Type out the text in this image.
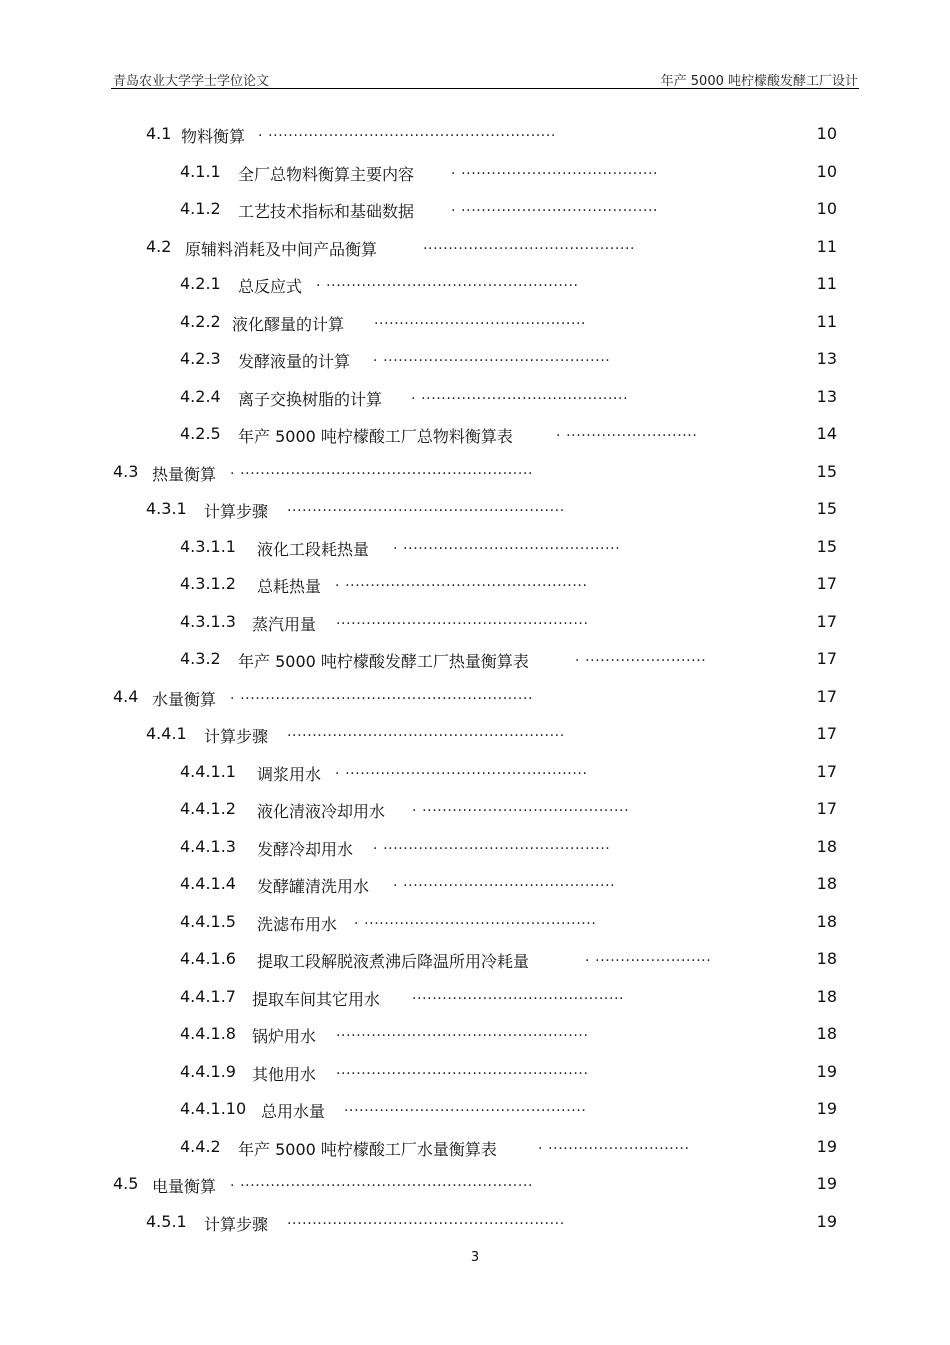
青岛农业大学学士学位论文	年产 5000 吨柠檬酸发酵工厂设计
4.1 物料衡算 . .........................................................	10
4.1.1 全厂总物料衡算主要内容	. .......................................	10
4.1.2 工艺技术指标和基础数据	. .......................................	10
4.2 原辅料消耗及中间产品衡算	..........................................	11
4.2.1 总反应式 . ..................................................	11
4.2.2 液化醪量的计算 ..........................................	11
4.2.3 发酵液量的计算 . .............................................	13
4.2.4 离子交换树脂的计算 . .........................................	13
4.2.5 年产 5000 吨柠檬酸工厂总物料衡算表	. ..........................	14
4.3 热量衡算 . ..........................................................	15
4.3.1 计算步骤 .......................................................	15
4.3.1.1 液化工段耗热量 . ...........................................	15
4.3.1.2 总耗热量 . ................................................	17
4.3.1.3 蒸汽用量 ..................................................	17
4.3.2 年产 5000 吨柠檬酸发酵工厂热量衡算表	. ........................	17
4.4 水量衡算 . ..........................................................	17
4.4.1 计算步骤 .......................................................	17
4.4.1.1 调浆用水 . ................................................	17
4.4.1.2 液化清液冷却用水 . .........................................	17
4.4.1.3 发酵冷却用水 . .............................................	18
4.4.1.4 发酵罐清洗用水 . ..........................................	18
4.4.1.5 洗滤布用水 . ..............................................	18
4.4.1.6 提取工段解脱液煮沸后降温所用冷耗量	. .......................	18
4.4.1.7 提取车间其它用水 ..........................................	18
4.4.1.8 锅炉用水 ..................................................	18
4.4.1.9 其他用水 ..................................................	19
4.4.1.10 总用水量 ................................................	19
4.4.2 年产 5000 吨柠檬酸工厂水量衡算表	. ............................	19
4.5 电量衡算 . ..........................................................	19
4.5.1 计算步骤 .......................................................	19
3
